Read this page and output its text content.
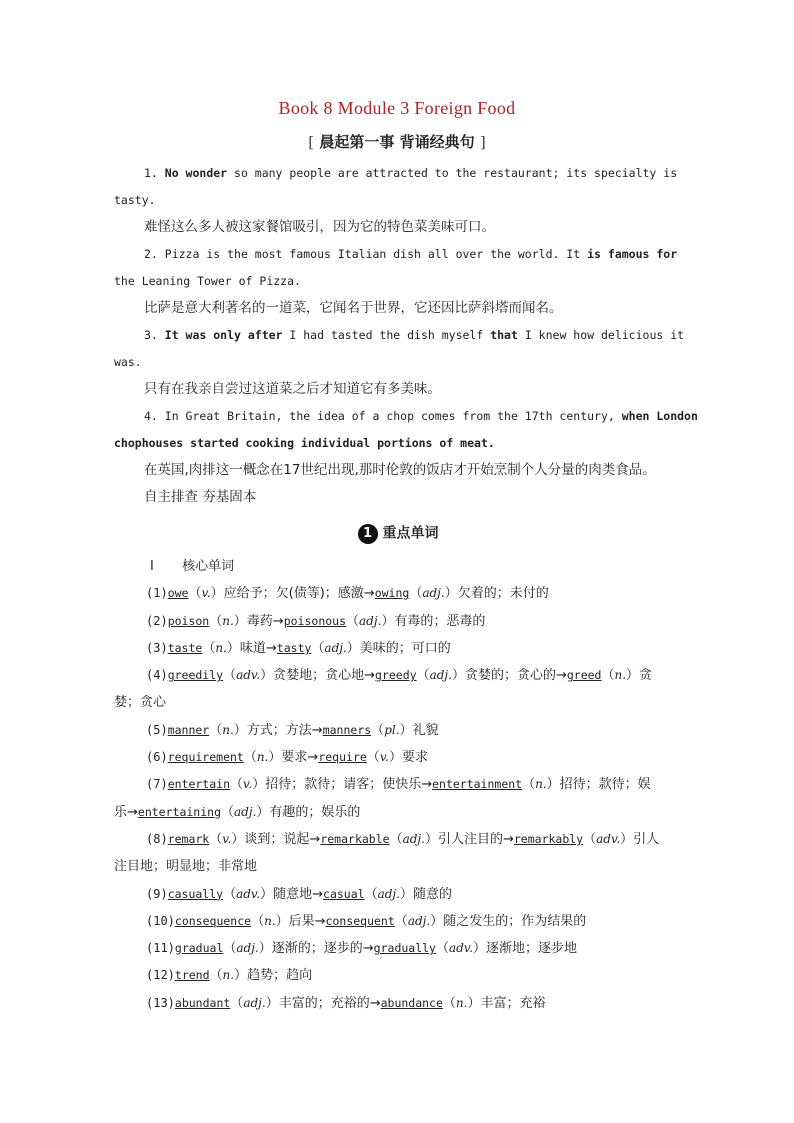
Book 8 Module 3 Foreign Food
[ 晨起第一事 背诵经典句 ]
1. No wonder so many people are attracted to the restaurant; its specialty is
tasty.
难怪这么多人被这家餐馆吸引，因为它的特色菜美味可口。
2. Pizza is the most famous Italian dish all over the world. It is famous for
the Leaning Tower of Pizza.
比萨是意大利著名的一道菜，它闻名于世界，它还因比萨斜塔而闻名。
3. It was only after I had tasted the dish myself that I knew how delicious it
was.
只有在我亲自尝过这道菜之后才知道它有多美味。
4. In Great Britain, the idea of a chop comes from the 17th century, when London
chophouses started cooking individual portions of meat.
在英国,肉排这一概念在17世纪出现,那时伦敦的饭店才开始烹制个人分量的肉类食品。
自主排查 夯基固本
1 重点单词
Ⅰ 核心单词
(1)owe（v.）应给予；欠(债等)；感激→owing（adj.）欠着的；未付的
(2)poison（n.）毒药→poisonous（adj.）有毒的；恶毒的
(3)taste（n.）味道→tasty（adj.）美味的；可口的
(4)greedily（adv.）贪婪地；贪心地→greedy（adj.）贪婪的；贪心的→greed（n.）贪
婪；贪心
(5)manner（n.）方式；方法→manners（pl.）礼貌
(6)requirement（n.）要求→require（v.）要求
(7)entertain（v.）招待；款待；请客；使快乐→entertainment（n.）招待；款待；娱
乐→entertaining（adj.）有趣的；娱乐的
(8)remark（v.）谈到；说起→remarkable（adj.）引人注目的→remarkably（adv.）引人
注目地；明显地；非常地
(9)casually（adv.）随意地→casual（adj.）随意的
(10)consequence（n.）后果→consequent（adj.）随之发生的；作为结果的
(11)gradual（adj.）逐渐的；逐步的→gradually（adv.）逐渐地；逐步地
(12)trend（n.）趋势；趋向
(13)abundant（adj.）丰富的；充裕的→abundance（n.）丰富；充裕
